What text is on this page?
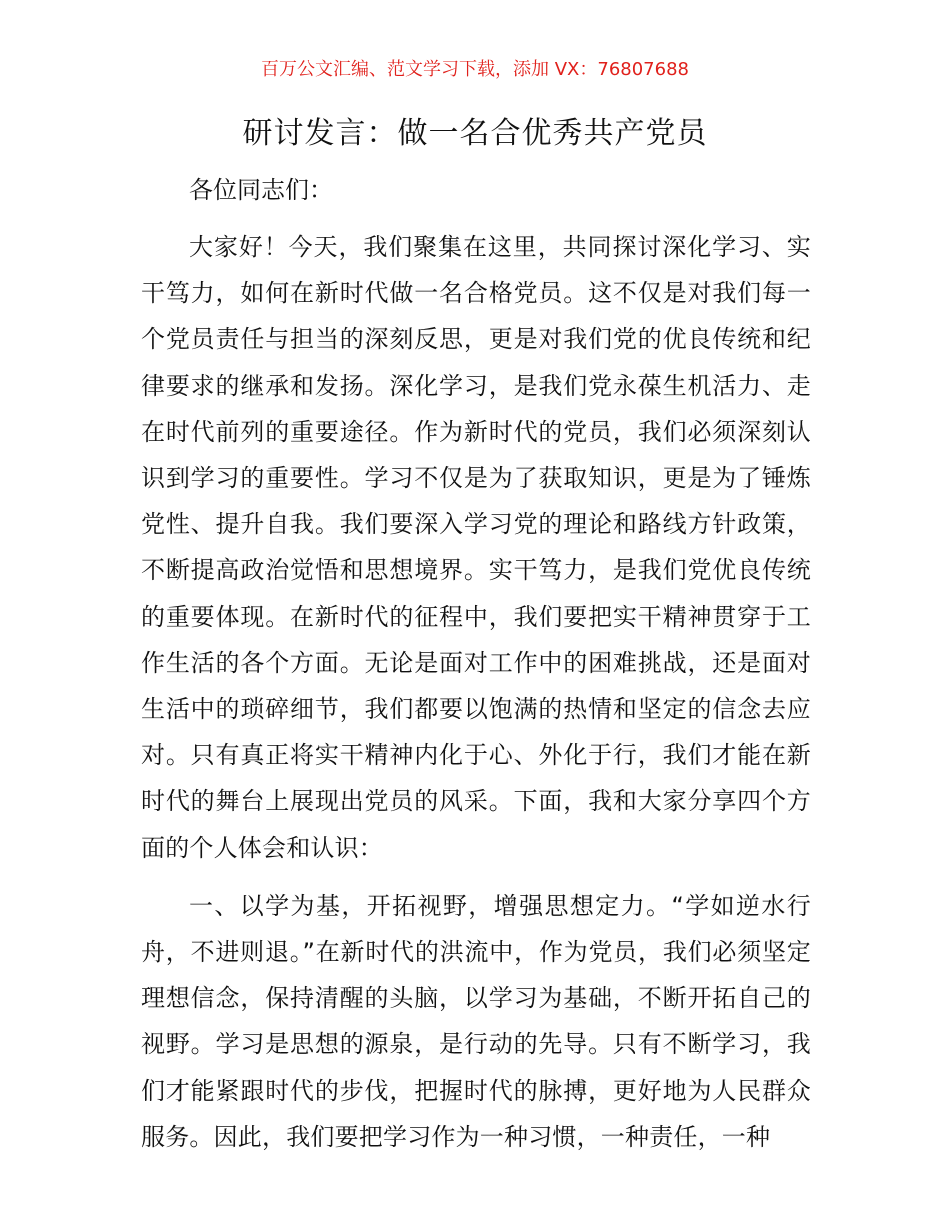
百万公文汇编、范文学习下载，添加 VX：76807688
研讨发言：做一名合优秀共产党员

各位同志们：

大家好！今天，我们聚集在这里，共同探讨深化学习、实干笃力，如何在新时代做一名合格党员。这不仅是对我们每一个党员责任与担当的深刻反思，更是对我们党的优良传统和纪律要求的继承和发扬。深化学习，是我们党永葆生机活力、走在时代前列的重要途径。作为新时代的党员，我们必须深刻认识到学习的重要性。学习不仅是为了获取知识，更是为了锤炼党性、提升自我。我们要深入学习党的理论和路线方针政策，不断提高政治觉悟和思想境界。实干笃力，是我们党优良传统的重要体现。在新时代的征程中，我们要把实干精神贯穿于工作生活的各个方面。无论是面对工作中的困难挑战，还是面对生活中的琐碎细节，我们都要以饱满的热情和坚定的信念去应对。只有真正将实干精神内化于心、外化于行，我们才能在新时代的舞台上展现出党员的风采。下面，我和大家分享四个方面的个人体会和认识：

一、以学为基，开拓视野，增强思想定力。“学如逆水行舟，不进则退。”在新时代的洪流中，作为党员，我们必须坚定理想信念，保持清醒的头脑，以学习为基础，不断开拓自己的视野。学习是思想的源泉，是行动的先导。只有不断学习，我们才能紧跟时代的步伐，把握时代的脉搏，更好地为人民群众服务。因此，我们要把学习作为一种习惯，一种责任，一种
